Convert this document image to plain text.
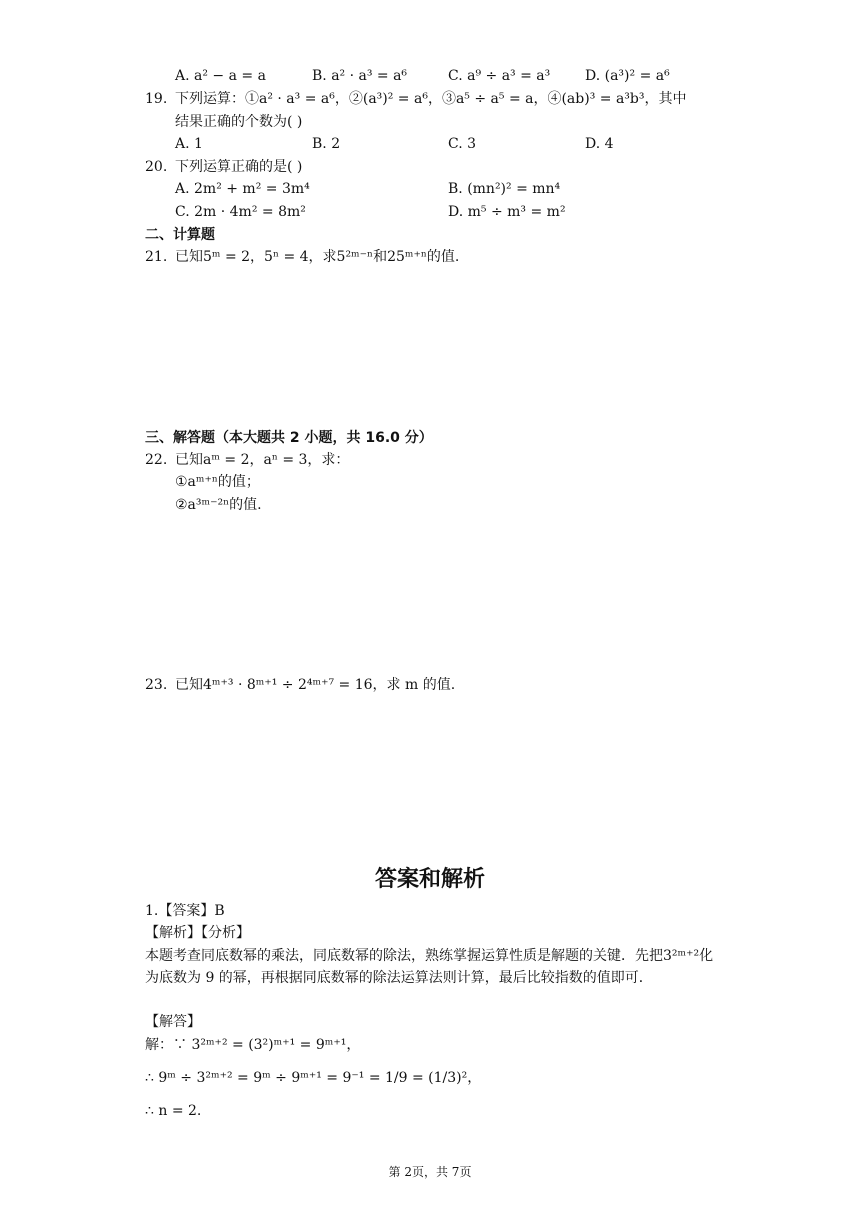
A. a² − a = a	B. a² · a³ = a⁶	C. a⁹ ÷ a³ = a³ D. (a³)² = a⁶
19. 下列运算：①a² · a³ = a⁶，②(a³)² = a⁶，③a⁵ ÷ a⁵ = a，④(ab)³ = a³b³，其中
结果正确的个数为( )
A. 1	B. 2	C. 3	D. 4
20. 下列运算正确的是( )
A. 2m² + m² = 3m⁴	B. (mn²)² = mn⁴
C. 2m · 4m² = 8m²	D. m⁵ ÷ m³ = m²
二、计算题
21. 已知5ᵐ = 2，5ⁿ = 4，求5²ᵐ⁻ⁿ和25ᵐ⁺ⁿ的值.
三、解答题（本大题共 2 小题，共 16.0 分）
22. 已知aᵐ = 2，aⁿ = 3，求：
①aᵐ⁺ⁿ的值；
②a³ᵐ⁻²ⁿ的值.
23. 已知4ᵐ⁺³ · 8ᵐ⁺¹ ÷ 2⁴ᵐ⁺⁷ = 16，求 m 的值.
答案和解析
1.【答案】B
【解析】【分析】
本题考查同底数幂的乘法，同底数幂的除法，熟练掌握运算性质是解题的关键．先把3²ᵐ⁺²化为底数为 9 的幂，再根据同底数幂的除法运算法则计算，最后比较指数的值即可．
【解答】
解：∵ 3²ᵐ⁺² = (3²)ᵐ⁺¹ = 9ᵐ⁺¹，
∴ 9ᵐ ÷ 3²ᵐ⁺² = 9ᵐ ÷ 9ᵐ⁺¹ = 9⁻¹ = 1/9 = (1/3)²，
∴ n = 2.
第 2页，共 7页
